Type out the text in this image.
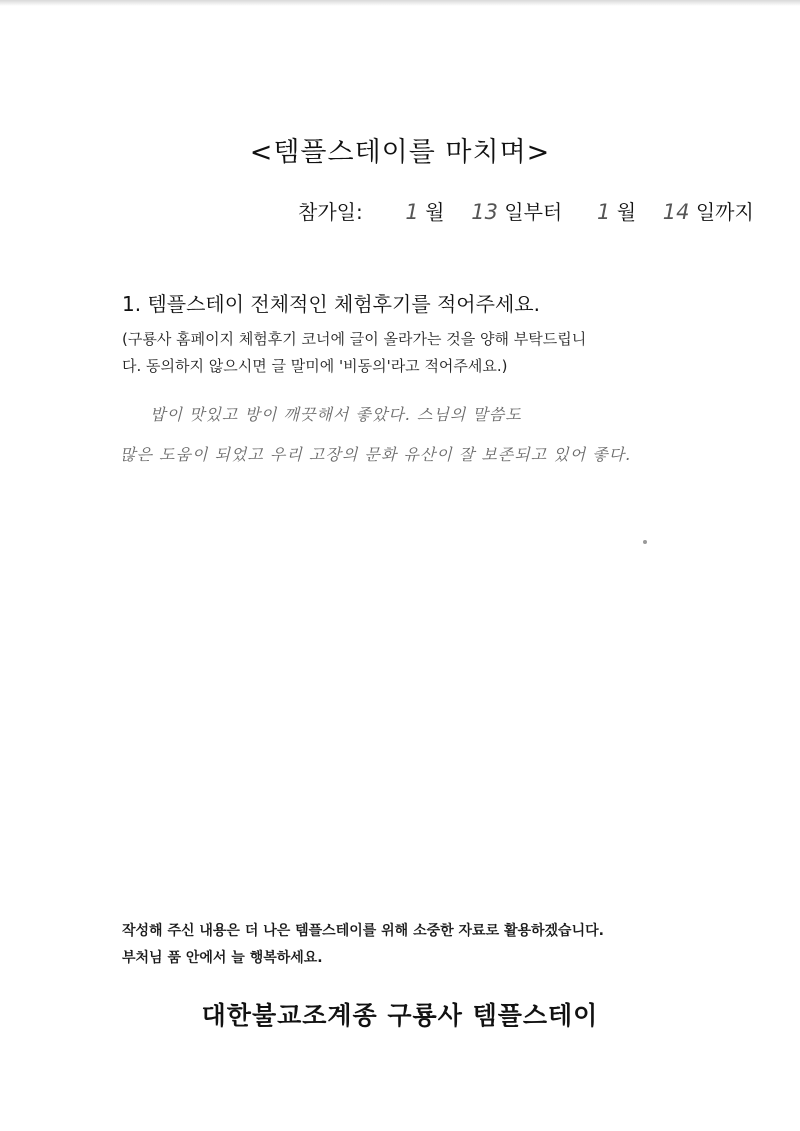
<템플스테이를 마치며>
참가일: 1 월 13 일부터 1 월 14 일까지
1. 템플스테이 전체적인 체험후기를 적어주세요.
(구룡사 홈페이지 체험후기 코너에 글이 올라가는 것을 양해 부탁드립니
다. 동의하지 않으시면 글 말미에 '비동의'라고 적어주세요.)
밥이 맛있고 방이 깨끗해서 좋았다. 스님의 말씀도
많은 도움이 되었고 우리 고장의 문화 유산이 잘 보존되고 있어 좋다.
작성해 주신 내용은 더 나은 템플스테이를 위해 소중한 자료로 활용하겠습니다.
부처님 품 안에서 늘 행복하세요.
대한불교조계종 구룡사 템플스테이
